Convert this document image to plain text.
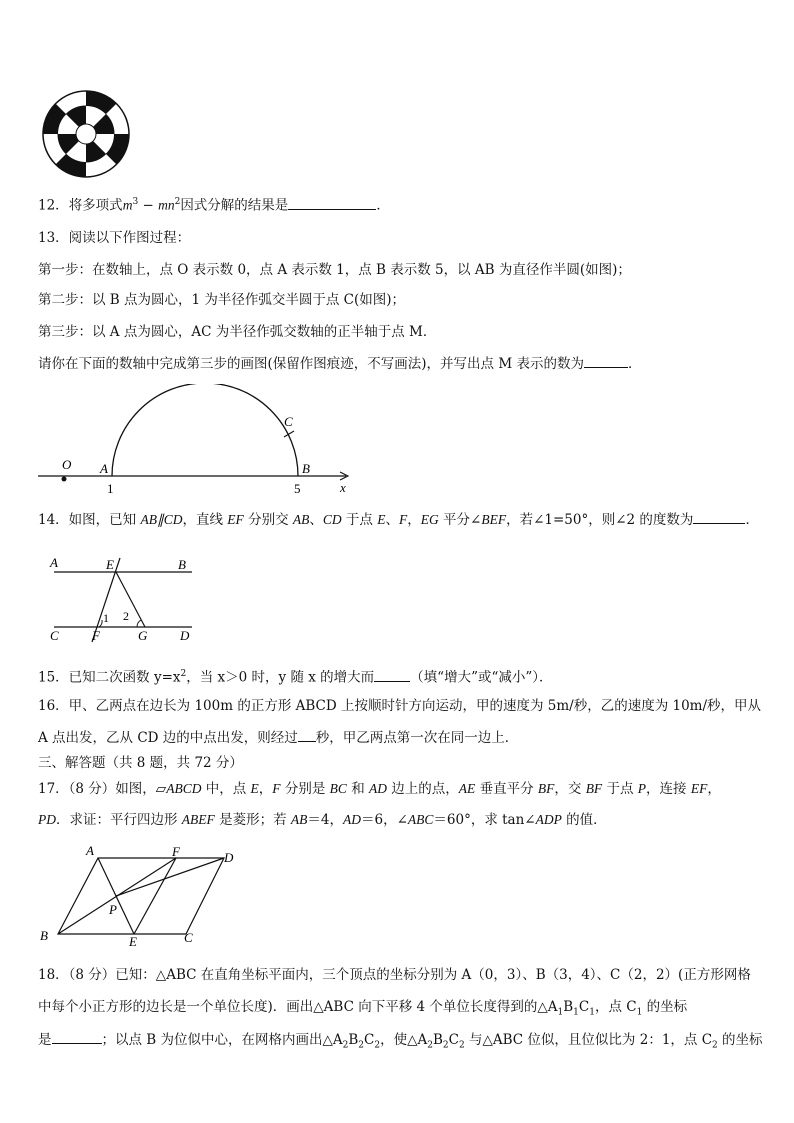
12．将多项式$m^3 - mn^2$因式分解的结果是	．
13．阅读以下作图过程：
第一步：在数轴上，点 O 表示数 0，点 A 表示数 1，点 B 表示数 5，以 AB 为直径作半圆(如图)；
第二步：以 B 点为圆心，1 为半径作弧交半圆于点 C(如图)；
第三步：以 A 点为圆心，AC 为半径作弧交数轴的正半轴于点 M．
请你在下面的数轴中完成第三步的画图(保留作图痕迹，不写画法)，并写出点 M 表示的数为	．
O A	B
C
x
1	5
14．如图，已知 AB∥CD，直线 EF 分别交 AB、CD 于点 E、F，EG 平分∠BEF，若∠1=50°，则∠2 的度数为	．
A	B
E
C	D
F	G
1 2
15．已知二次函数 $y=x^2$，当 x＞0 时，y 随 x 的增大而	（填“增大”或“减小”）．
16．甲、乙两点在边长为 100m 的正方形 ABCD 上按顺时针方向运动，甲的速度为 5m/秒，乙的速度为 10m/秒，甲从
A 点出发，乙从 CD 边的中点出发，则经过 秒，甲乙两点第一次在同一边上．
三、解答题（共 8 题，共 72 分）
17．（8 分）如图，▱ABCD 中，点 E，F 分别是 BC 和 AD 边上的点，AE 垂直平分 BF，交 BF 于点 P，连接 EF，
PD．求证：平行四边形 ABEF 是菱形；若 AB＝4，AD＝6，∠ABC＝60°，求 tan∠ADP 的值．
A	F	D
B	E	C
P
18．（8 分）已知：△ABC 在直角坐标平面内，三个顶点的坐标分别为 A（0，3）、B（3，4）、C（2，2）(正方形网格
中每个小正方形的边长是一个单位长度)．画出△ABC 向下平移 4 个单位长度得到的$\triangle A_1B_1C_1$，点 $C_1$ 的坐标
是	；以点 B 为位似中心，在网格内画出$\triangle A_2B_2C_2$，使$\triangle A_2B_2C_2$ 与△ABC 位似，且位似比为 2：1，点 $C_2$ 的坐标
